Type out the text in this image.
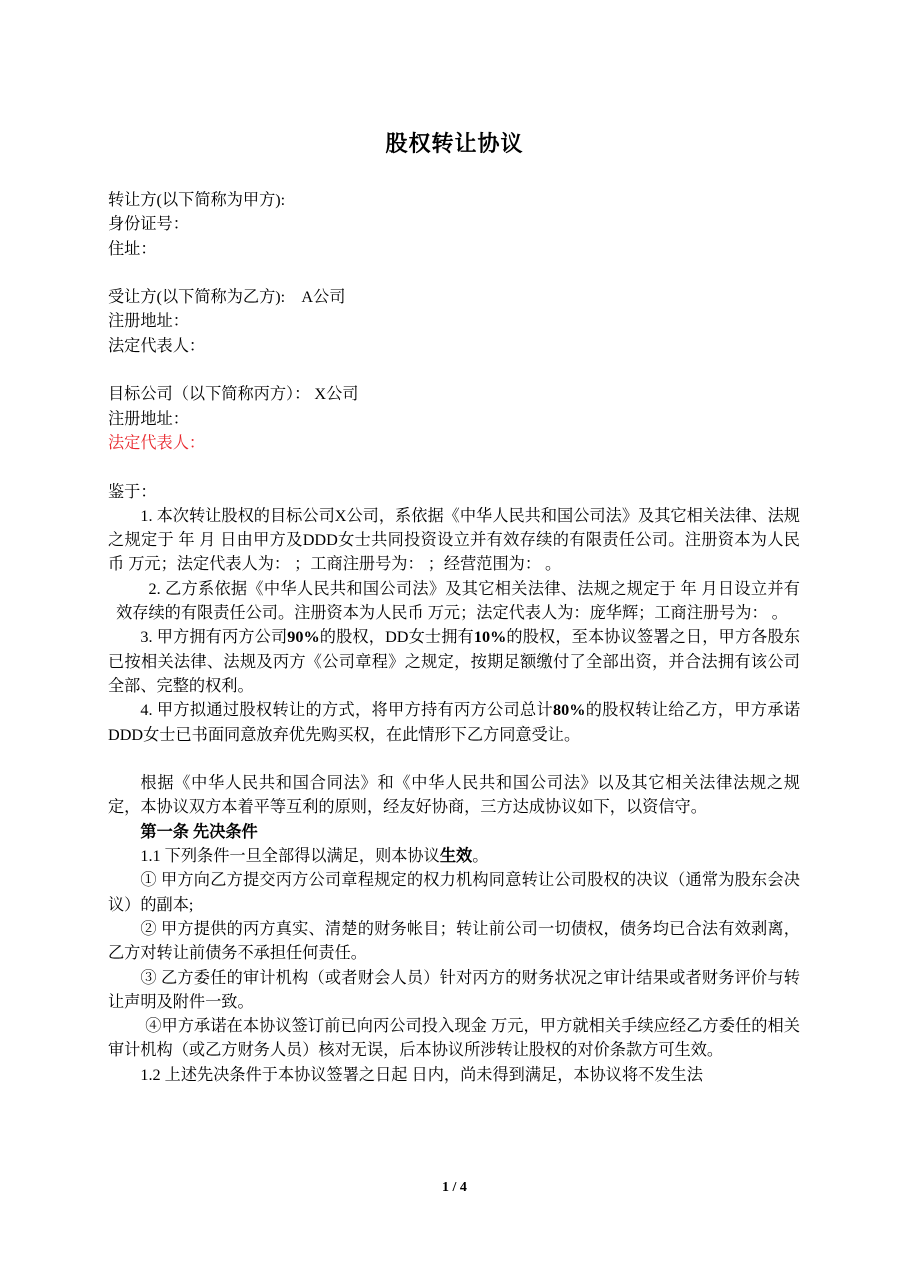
股权转让协议

转让方(以下简称为甲方):

身份证号：

住址：

受让方(以下简称为乙方): A公司

注册地址：

法定代表人：

目标公司（以下简称丙方）： X公司

注册地址：

法定代表人：

鉴于：

1. 本次转让股权的目标公司X公司，系依据《中华人民共和国公司法》及其它相关法律、法规之规定于 年 月 日由甲方及DDD女士共同投资设立并有效存续的有限责任公司。注册资本为人民币 万元；法定代表人为： ；工商注册号为： ；经营范围为： 。

2. 乙方系依据《中华人民共和国公司法》及其它相关法律、法规之规定于 年 月日设立并有效存续的有限责任公司。注册资本为人民币 万元；法定代表人为：庞华辉；工商注册号为： 。

3. 甲方拥有丙方公司90%的股权，DD女士拥有10%的股权，至本协议签署之日，甲方各股东已按相关法律、法规及丙方《公司章程》之规定，按期足额缴付了全部出资，并合法拥有该公司全部、完整的权利。

4. 甲方拟通过股权转让的方式，将甲方持有丙方公司总计80%的股权转让给乙方，甲方承诺DDD女士已书面同意放弃优先购买权，在此情形下乙方同意受让。

根据《中华人民共和国合同法》和《中华人民共和国公司法》以及其它相关法律法规之规定，本协议双方本着平等互利的原则，经友好协商，三方达成协议如下，以资信守。

第一条 先决条件

1.1 下列条件一旦全部得以满足，则本协议生效。

① 甲方向乙方提交丙方公司章程规定的权力机构同意转让公司股权的决议（通常为股东会决议）的副本;

② 甲方提供的丙方真实、清楚的财务帐目；转让前公司一切债权，债务均已合法有效剥离，乙方对转让前债务不承担任何责任。

③ 乙方委任的审计机构（或者财会人员）针对丙方的财务状况之审计结果或者财务评价与转让声明及附件一致。

④甲方承诺在本协议签订前已向丙公司投入现金 万元，甲方就相关手续应经乙方委任的相关审计机构（或乙方财务人员）核对无误，后本协议所涉转让股权的对价条款方可生效。

1.2 上述先决条件于本协议签署之日起 日内，尚未得到满足，本协议将不发生法

1 / 4
